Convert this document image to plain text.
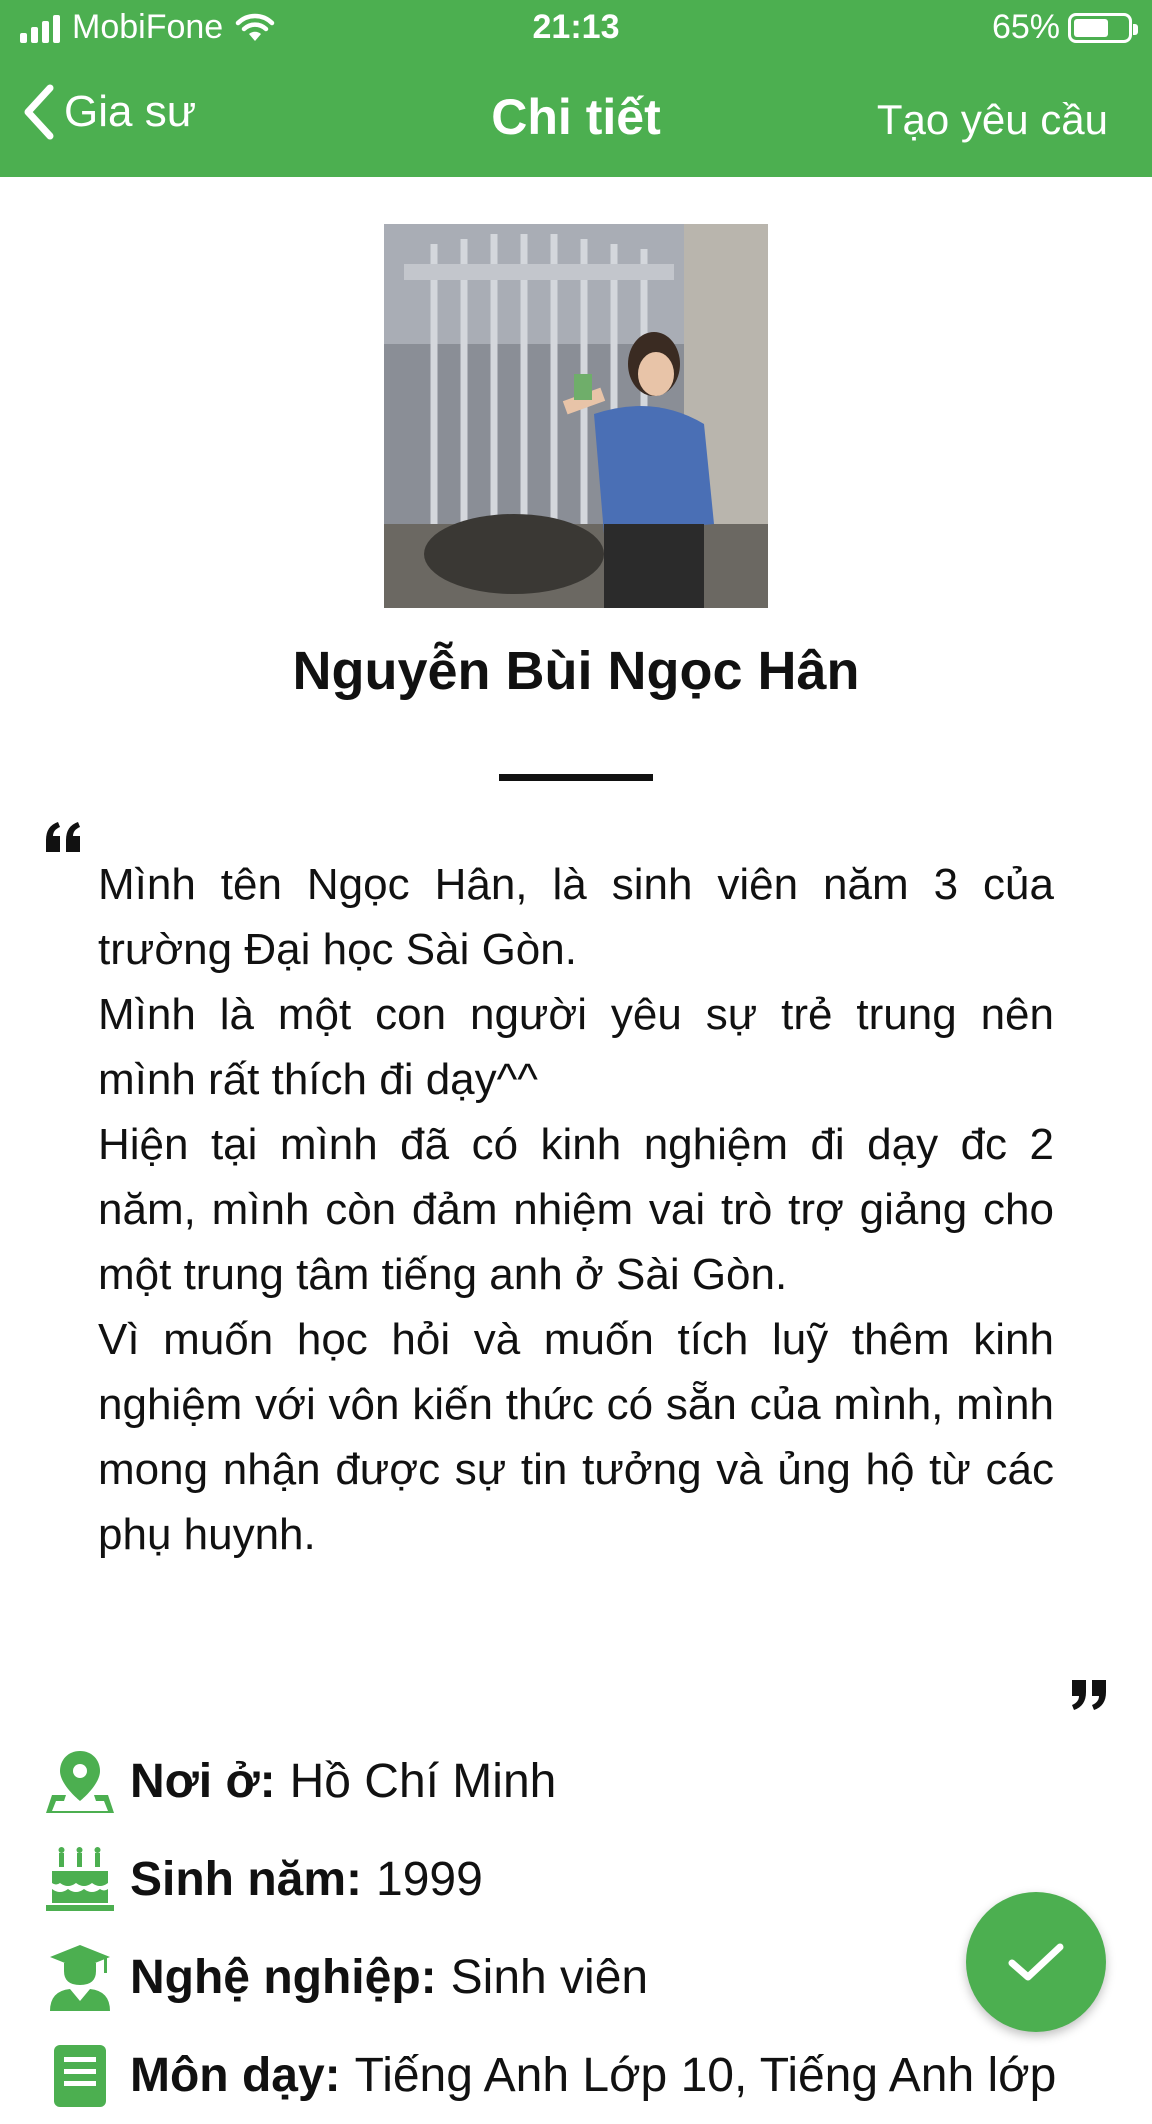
MobiFone	21:13	65%
Gia sư	Chi tiết	Tạo yêu cầu
Nguyễn Bùi Ngọc Hân

Mình tên Ngọc Hân, là sinh viên năm 3 của trường Đại học Sài Gòn.

Mình là một con người yêu sự trẻ trung nên mình rất thích đi dạy^^

Hiện tại mình đã có kinh nghiệm đi dạy đc 2 năm, mình còn đảm nhiệm vai trò trợ giảng cho một trung tâm tiếng anh ở Sài Gòn.

Vì muốn học hỏi và muốn tích luỹ thêm kinh nghiệm với vôn kiến thức có sẵn của mình, mình mong nhận được sự tin tưởng và ủng hộ từ các phụ huynh.

Nơi ở: Hồ Chí Minh
Sinh năm: 1999
Nghệ nghiệp: Sinh viên
Môn dạy: Tiếng Anh Lớp 10, Tiếng Anh lớp
